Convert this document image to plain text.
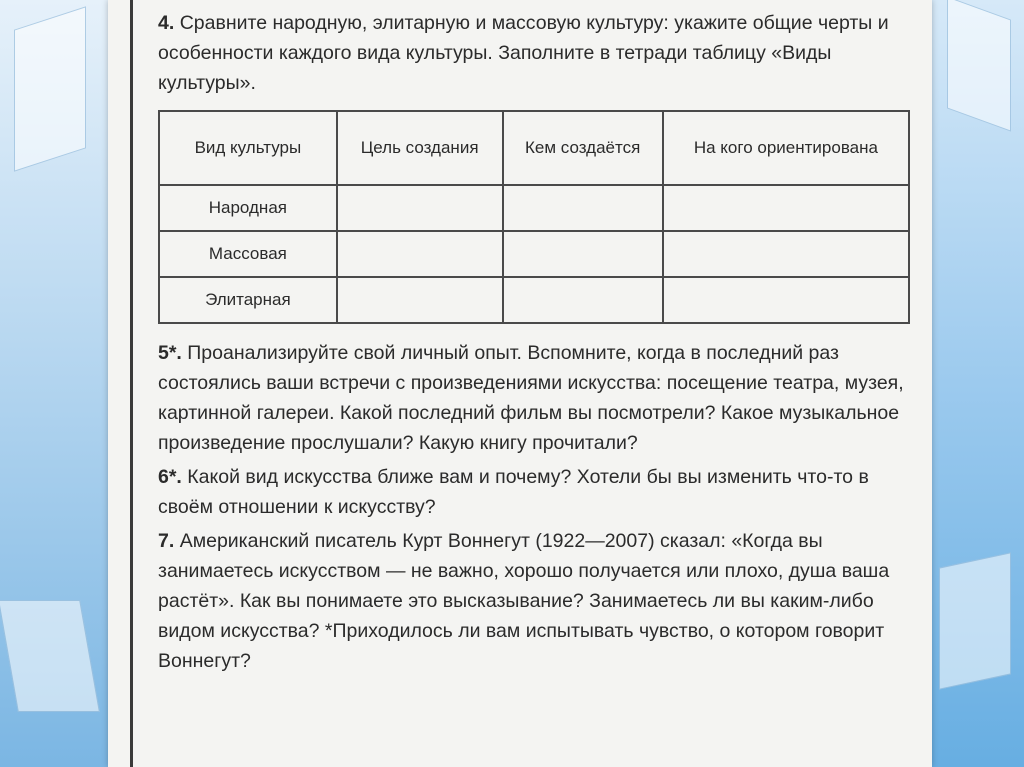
4. Сравните народную, элитарную и массовую культуру: укажите общие черты и особенности каждого вида культуры. Заполните в тетради таблицу «Виды культуры».

Вид культуры	Цель создания	Кем создаётся	На кого ориентирована
Народная			
Массовая			
Элитарная			

5*. Проанализируйте свой личный опыт. Вспомните, когда в последний раз состоялись ваши встречи с произведениями искусства: посещение театра, музея, картинной галереи. Какой последний фильм вы посмотрели? Какое музыкальное произведение прослушали? Какую книгу прочитали?

6*. Какой вид искусства ближе вам и почему? Хотели бы вы изменить что-то в своём отношении к искусству?

7. Американский писатель Курт Воннегут (1922—2007) сказал: «Когда вы занимаетесь искусством — не важно, хорошо получается или плохо, душа ваша растёт». Как вы понимаете это высказывание? Занимаетесь ли вы каким-либо видом искусства? *Приходилось ли вам испытывать чувство, о котором говорит Воннегут?
